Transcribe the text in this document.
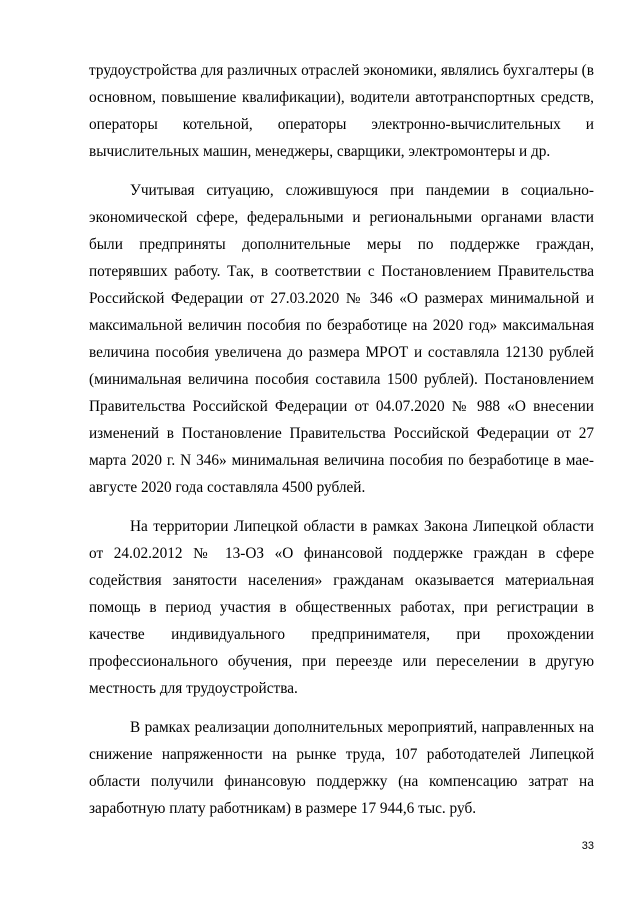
трудоустройства для различных отраслей экономики, являлись бухгалтеры (в основном, повышение квалификации), водители автотранспортных средств, операторы котельной, операторы электронно-вычислительных и вычислительных машин, менеджеры, сварщики, электромонтеры и др.

Учитывая ситуацию, сложившуюся при пандемии в социально-экономической сфере, федеральными и региональными органами власти были предприняты дополнительные меры по поддержке граждан, потерявших работу. Так, в соответствии с Постановлением Правительства Российской Федерации от 27.03.2020 № 346 «О размерах минимальной и максимальной величин пособия по безработице на 2020 год» максимальная величина пособия увеличена до размера МРОТ и составляла 12130 рублей (минимальная величина пособия составила 1500 рублей). Постановлением Правительства Российской Федерации от 04.07.2020 № 988 «О внесении изменений в Постановление Правительства Российской Федерации от 27 марта 2020 г. N 346» минимальная величина пособия по безработице в мае-августе 2020 года составляла 4500 рублей.

На территории Липецкой области в рамках Закона Липецкой области от 24.02.2012 № 13-ОЗ «О финансовой поддержке граждан в сфере содействия занятости населения» гражданам оказывается материальная помощь в период участия в общественных работах, при регистрации в качестве индивидуального предпринимателя, при прохождении профессионального обучения, при переезде или переселении в другую местность для трудоустройства.

В рамках реализации дополнительных мероприятий, направленных на снижение напряженности на рынке труда, 107 работодателей Липецкой области получили финансовую поддержку (на компенсацию затрат на заработную плату работникам) в размере 17 944,6 тыс. руб.

33
